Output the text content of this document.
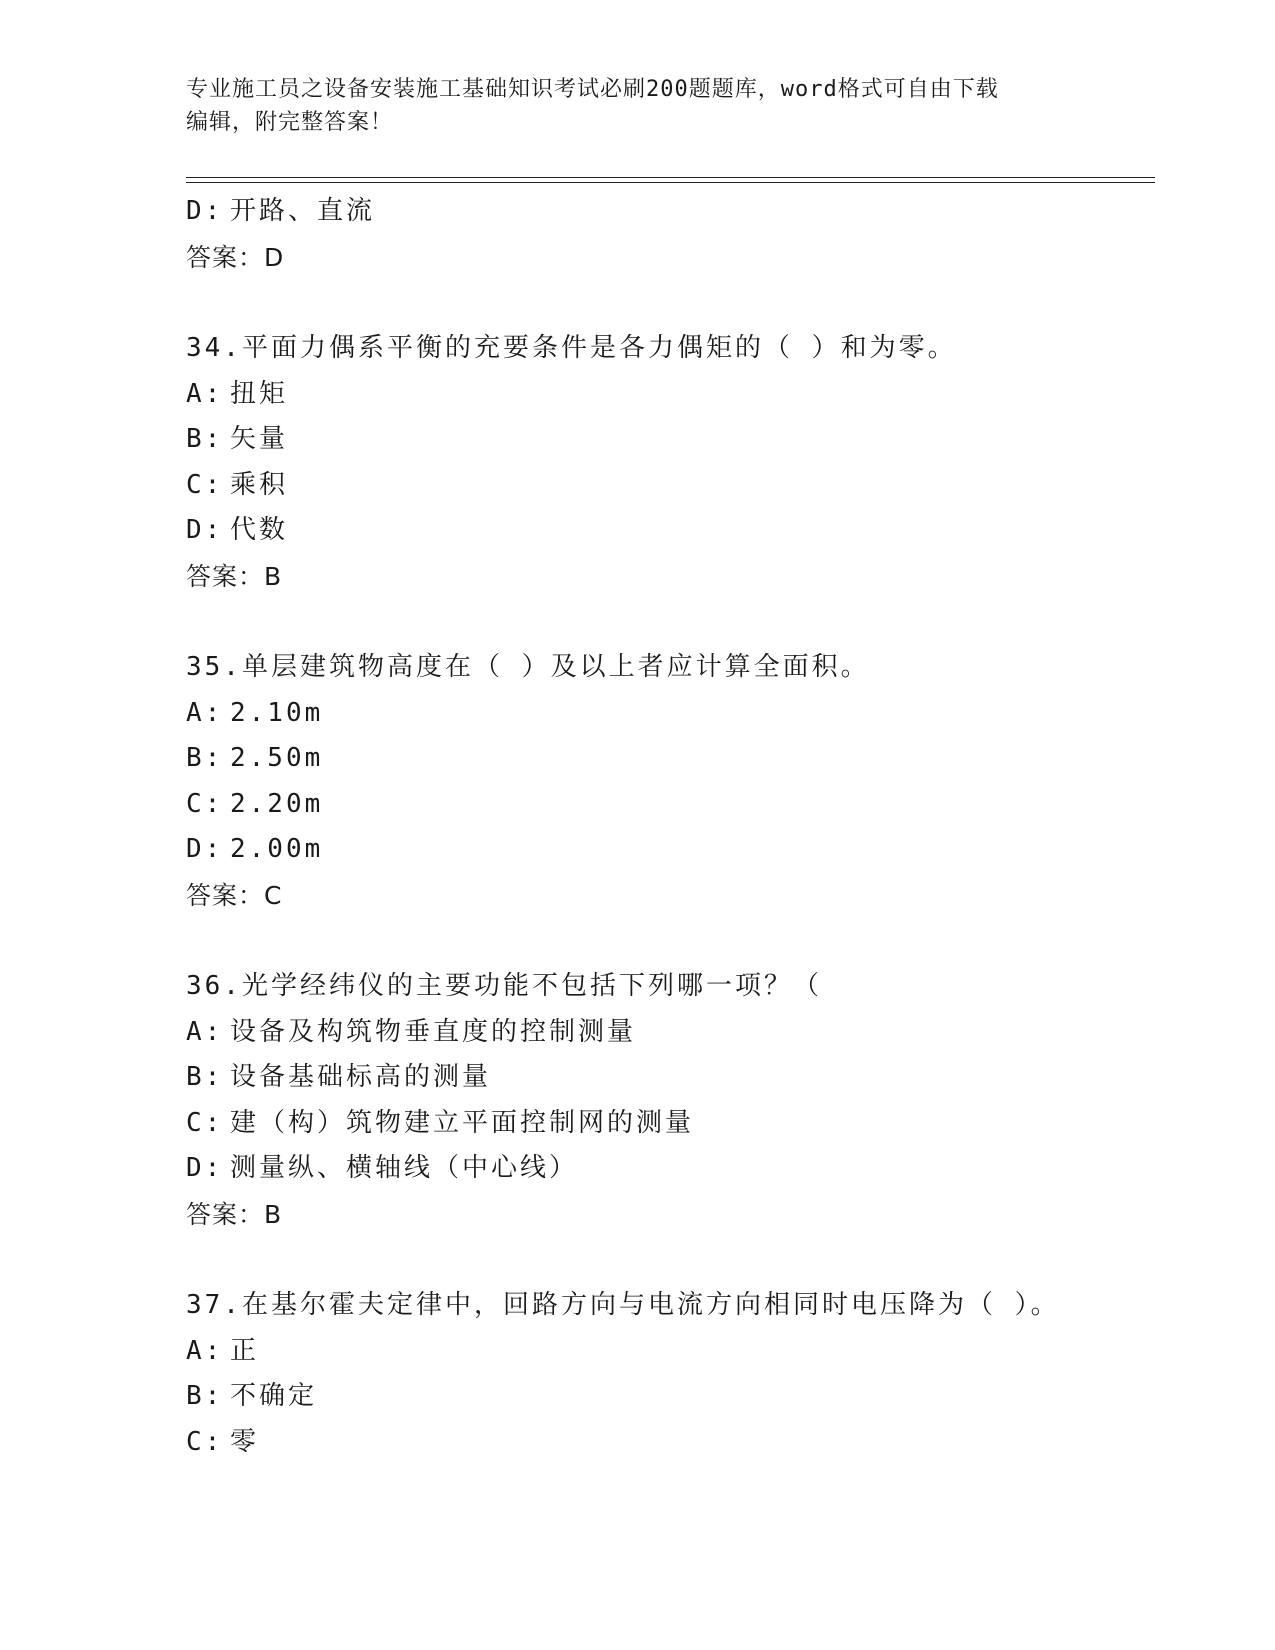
专业施工员之设备安装施工基础知识考试必刷200题题库，word格式可自由下载
编辑，附完整答案！
D: 开路、直流
答案：D
34.平面力偶系平衡的充要条件是各力偶矩的（ ）和为零。
A: 扭矩
B: 矢量
C: 乘积
D: 代数
答案：B
35.单层建筑物高度在（ ）及以上者应计算全面积。
A: 2.10m
B: 2.50m
C: 2.20m
D: 2.00m
答案：C
36.光学经纬仪的主要功能不包括下列哪一项？（
A: 设备及构筑物垂直度的控制测量
B: 设备基础标高的测量
C: 建（构）筑物建立平面控制网的测量
D: 测量纵、横轴线（中心线）
答案：B
37.在基尔霍夫定律中，回路方向与电流方向相同时电压降为（ ）。
A: 正
B: 不确定
C: 零
